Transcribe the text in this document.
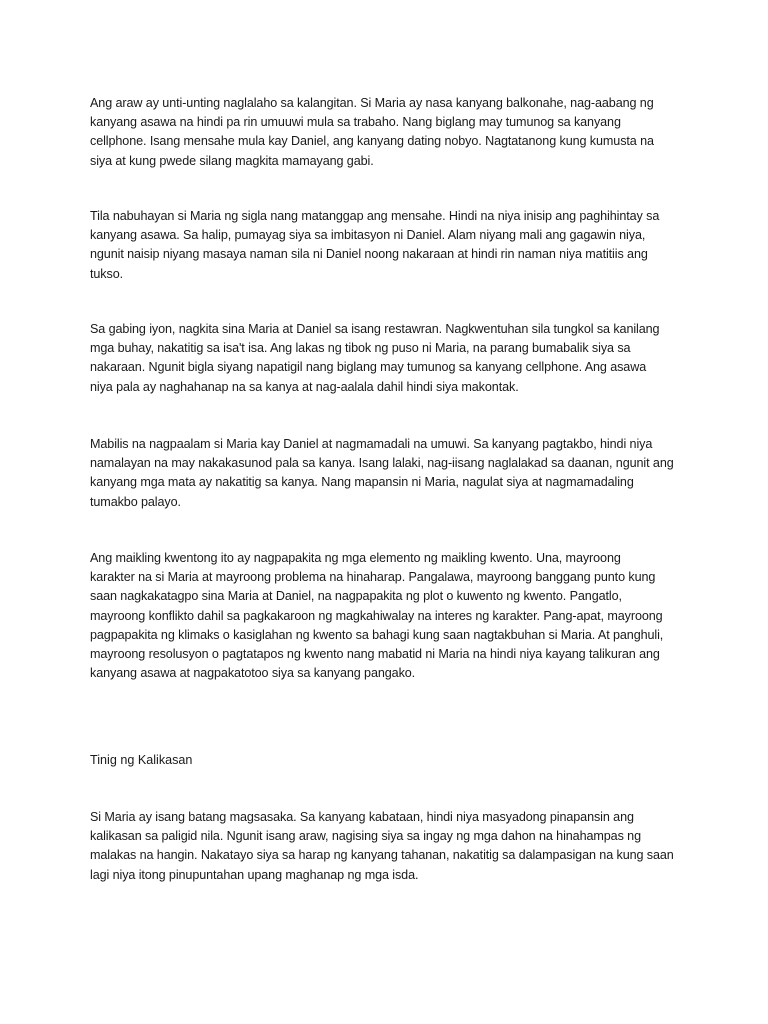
Ang araw ay unti-unting naglalaho sa kalangitan. Si Maria ay nasa kanyang balkonahe, nag-aabang ng
kanyang asawa na hindi pa rin umuuwi mula sa trabaho. Nang biglang may tumunog sa kanyang
cellphone. Isang mensahe mula kay Daniel, ang kanyang dating nobyo. Nagtatanong kung kumusta na
siya at kung pwede silang magkita mamayang gabi.

Tila nabuhayan si Maria ng sigla nang matanggap ang mensahe. Hindi na niya inisip ang paghihintay sa
kanyang asawa. Sa halip, pumayag siya sa imbitasyon ni Daniel. Alam niyang mali ang gagawin niya,
ngunit naisip niyang masaya naman sila ni Daniel noong nakaraan at hindi rin naman niya matitiis ang
tukso.

Sa gabing iyon, nagkita sina Maria at Daniel sa isang restawran. Nagkwentuhan sila tungkol sa kanilang
mga buhay, nakatitig sa isa't isa. Ang lakas ng tibok ng puso ni Maria, na parang bumabalik siya sa
nakaraan. Ngunit bigla siyang napatigil nang biglang may tumunog sa kanyang cellphone. Ang asawa
niya pala ay naghahanap na sa kanya at nag-aalala dahil hindi siya makontak.

Mabilis na nagpaalam si Maria kay Daniel at nagmamadali na umuwi. Sa kanyang pagtakbo, hindi niya
namalayan na may nakakasunod pala sa kanya. Isang lalaki, nag-iisang naglalakad sa daanan, ngunit ang
kanyang mga mata ay nakatitig sa kanya. Nang mapansin ni Maria, nagulat siya at nagmamadaling
tumakbo palayo.

Ang maikling kwentong ito ay nagpapakita ng mga elemento ng maikling kwento. Una, mayroong
karakter na si Maria at mayroong problema na hinaharap. Pangalawa, mayroong banggang punto kung
saan nagkakatagpo sina Maria at Daniel, na nagpapakita ng plot o kuwento ng kwento. Pangatlo,
mayroong konflikto dahil sa pagkakaroon ng magkahiwalay na interes ng karakter. Pang-apat, mayroong
pagpapakita ng klimaks o kasiglahan ng kwento sa bahagi kung saan nagtakbuhan si Maria. At panghuli,
mayroong resolusyon o pagtatapos ng kwento nang mabatid ni Maria na hindi niya kayang talikuran ang
kanyang asawa at nagpakatotoo siya sa kanyang pangako.

Tinig ng Kalikasan

Si Maria ay isang batang magsasaka. Sa kanyang kabataan, hindi niya masyadong pinapansin ang
kalikasan sa paligid nila. Ngunit isang araw, nagising siya sa ingay ng mga dahon na hinahampas ng
malakas na hangin. Nakatayo siya sa harap ng kanyang tahanan, nakatitig sa dalampasigan na kung saan
lagi niya itong pinupuntahan upang maghanap ng mga isda.
